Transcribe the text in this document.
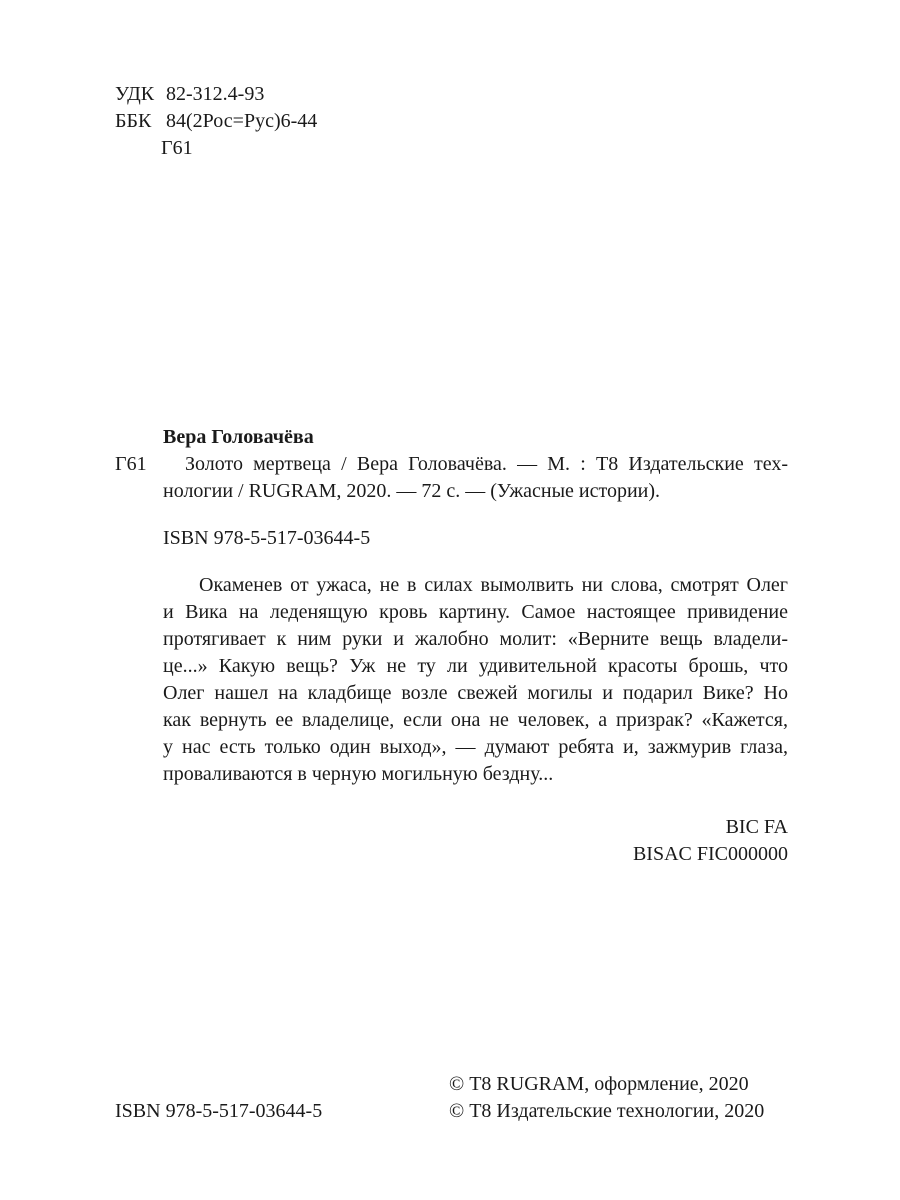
УДК 82-312.4-93
ББК 84(2Рос=Рус)6-44
Г61
Вера Головачёва
Г61	Золото мертвеца / Вера Головачёва. — М. : Т8 Издательские тех-
нологии / RUGRAM, 2020. — 72 с. — (Ужасные истории).
ISBN 978-5-517-03644-5
Окаменев от ужаса, не в силах вымолвить ни слова, смотрят Олег
и Вика на леденящую кровь картину. Самое настоящее привидение
протягивает к ним руки и жалобно молит: «Верните вещь владели-
це...» Какую вещь? Уж не ту ли удивительной красоты брошь, что
Олег нашел на кладбище возле свежей могилы и подарил Вике? Но
как вернуть ее владелице, если она не человек, а призрак? «Кажется,
у нас есть только один выход», — думают ребята и, зажмурив глаза,
проваливаются в черную могильную бездну...
BIC FA
BISAC FIC000000
ISBN 978-5-517-03644-5
© Т8 RUGRAM, оформление, 2020
© Т8 Издательские технологии, 2020
